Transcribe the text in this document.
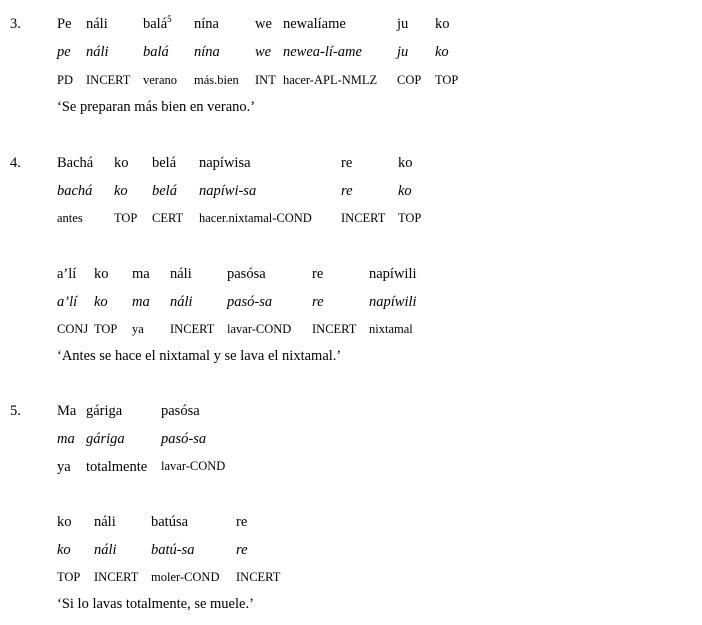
3. Pe náli balá$^5$ nína we newalíame	ju ko
pe náli balá nína we newea-lí-ame ju ko
PD INCERT verano más.bien INT hacer-APL-NMLZ COP TOP
‘Se preparan más bien en verano.’
4. Bachá ko belá napíwisa	re	ko
bachá ko belá napíwi-sa	re	ko
antes	TOP CERT hacer.nixtamal-COND INCERT TOP
a’lí ko ma náli pasósa	re	napíwili
a’lí ko ma náli pasó-sa	re	napíwili
CONJ TOP ya INCERT lavar-COND INCERT nixtamal
‘Antes se hace el nixtamal y se lava el nixtamal.’
5. Ma gáriga	pasósa
ma gáriga	pasó-sa
ya totalmente lavar-COND
ko náli batúsa	re
ko náli batú-sa	re
TOP INCERT moler-COND INCERT
‘Si lo lavas totalmente, se muele.’
